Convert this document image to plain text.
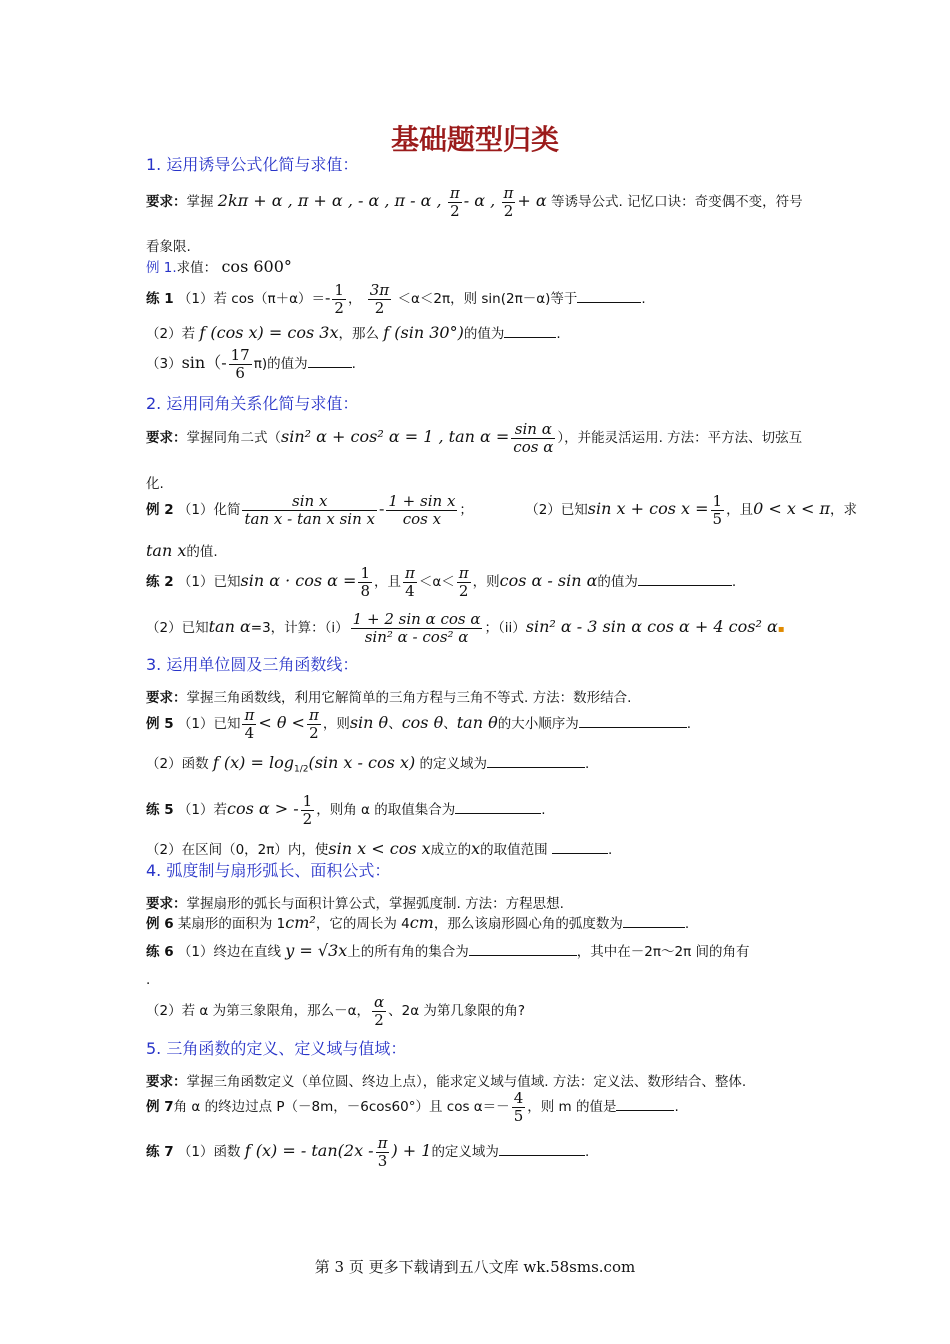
基础题型归类
1. 运用诱导公式化简与求值：
要求：掌握 2kπ + α , π + α , - α , π - α , $\frac{\pi}{2}$ - α , $\frac{\pi}{2} + \alpha$ 等诱导公式. 记忆口诀：奇变偶不变，符号
看象限.
例 1.求值： cos 600°
练 1 （1）若 $\cos(\pi+\alpha)=- \frac{1}{2}$ ， $\frac{3\pi}{2} <\alpha<2\pi$，则 sin(2π－α)等于	.
（2）若 f (cos x) = cos 3x，那么 f (sin 30°)的值为	.
$(3)\sin(- \frac{17}{6} \pi)$的值为	.
2. 运用同角关系化简与求值：
要求：掌握同角二式（sin² α + cos² α = 1 , $\tan \alpha = \frac{\text{sin α}}{\text{cos α}}$ ），并能灵活运用. 方法：平方法、切弦互
化.
例 2 （1）化简 $\frac{\text{sin x}}{\text{tan x - tan x sin x}} - \frac{\text{1 + sin x}}{\text{cos x}}$ ；	（2）已知$\sin x + \cos x = \frac{1}{5}$ ，且0 < x < π，求
tan x的值.
练 2 （1）已知$\sin \alpha \cdot \cos \alpha = \frac{1}{8}$ ，且 $\frac{\pi}{4} <\alpha< \frac{\pi}{2}$ ，则cos α - sin α的值为	.
（2）已知tan α=3，计算：$(i) \frac{\text{1 + 2 sin α cos α}}{\text{sin² α - cos² α}}$ ；（ii）sin² α - 3 sin α cos α + 4 cos² α▪
3. 运用单位圆及三角函数线：
要求：掌握三角函数线，利用它解简单的三角方程与三角不等式. 方法：数形结合.
例 5 （1）已知 $\frac{\pi}{4} < \theta < \frac{\pi}{2}$ ，则sin θ、cos θ、tan θ的大小顺序为	.
（2）函数 f $(x) = \log_{1/2}(\sin$ x - cos x) 的定义域为	.
练 5 （1）若cos α > - $\frac{1}{2}$ ，则角 α 的取值集合为	.
（2）在区间（0，2π）内，使sin x < cos x成立的x的取值范围	.
4. 弧度制与扇形弧长、面积公式：
要求：掌握扇形的弧长与面积计算公式，掌握弧度制. 方法：方程思想.
例 6 某扇形的面积为 1cm²，它的周长为 4cm，那么该扇形圆心角的弧度数为	.
练 6 （1）终边在直线 y = √3x上的所有角的集合为	，其中在－2π～2π 间的角有
.
（2）若 α 为第三象限角，那么－α， $\frac{\alpha}{2}$ 、2α 为第几象限的角?
5. 三角函数的定义、定义域与值域：
要求：掌握三角函数定义（单位圆、终边上点），能求定义域与值域. 方法：定义法、数形结合、整体.
例 7角 α 的终边过点 P（－8m，－6cos60°）且 $\cos \alpha=- \frac{4}{5}$ ，则 m 的值是	.
练 7 （1）函数 f (x) = - $\tan(2x - \frac{\pi}{3}$ ) + 1的定义域为	.
第 3 页 更多下载请到五八文库 wk.58sms.com
